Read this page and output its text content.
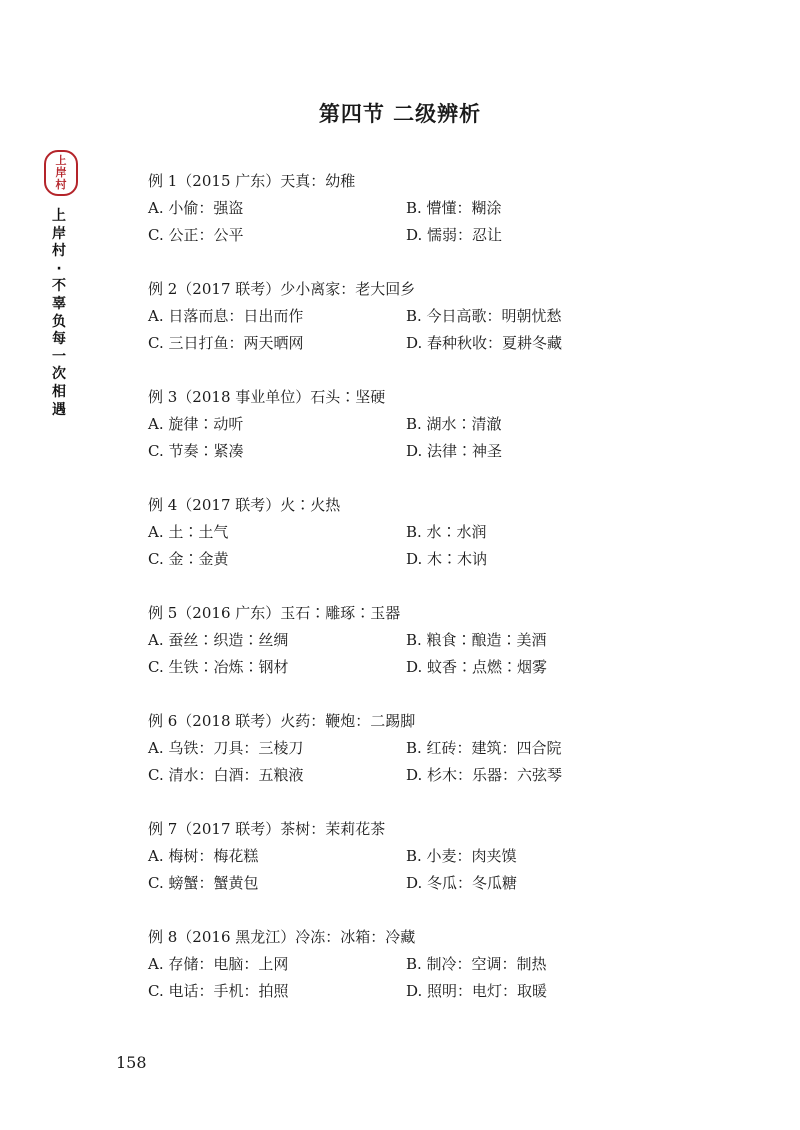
第四节 二级辨析
上
岸
村
上
岸
村
·
不
辜
负
每
一
次
相
遇
例 1（2015 广东）天真：幼稚
A. 小偷：强盗	B. 懵懂：糊涂
C. 公正：公平	D. 懦弱：忍让
例 2（2017 联考）少小离家：老大回乡
A. 日落而息：日出而作	B. 今日高歌：明朝忧愁
C. 三日打鱼：两天晒网	D. 春种秋收：夏耕冬藏
例 3（2018 事业单位）石头∶坚硬
A. 旋律∶动听	B. 湖水∶清澈
C. 节奏∶紧凑	D. 法律∶神圣
例 4（2017 联考）火∶火热
A. 土∶土气	B. 水∶水润
C. 金∶金黄	D. 木∶木讷
例 5（2016 广东）玉石∶雕琢∶玉器
A. 蚕丝∶织造∶丝绸	B. 粮食∶酿造∶美酒
C. 生铁∶冶炼∶钢材	D. 蚊香∶点燃∶烟雾
例 6（2018 联考）火药：鞭炮：二踢脚
A. 乌铁：刀具：三棱刀	B. 红砖：建筑：四合院
C. 清水：白酒：五粮液	D. 杉木：乐器：六弦琴
例 7（2017 联考）茶树：茉莉花茶
A. 梅树：梅花糕	B. 小麦：肉夹馍
C. 螃蟹：蟹黄包	D. 冬瓜：冬瓜糖
例 8（2016 黑龙江）冷冻：冰箱：冷藏
A. 存储：电脑：上网	B. 制冷：空调：制热
C. 电话：手机：拍照	D. 照明：电灯：取暖
158
